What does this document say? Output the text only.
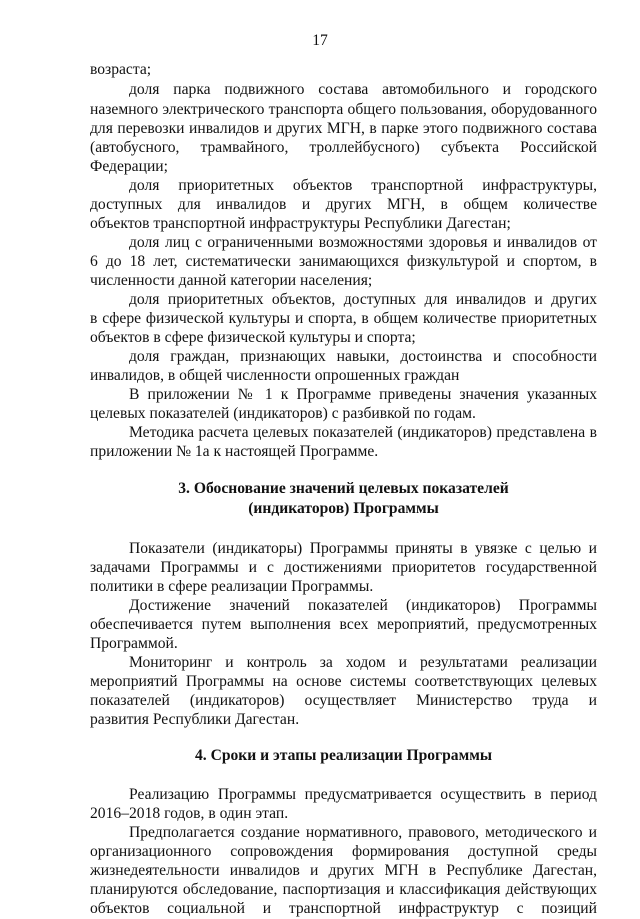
17
возраста;
доля парка подвижного состава автомобильного и городского
наземного электрического транспорта общего пользования, оборудованного
для перевозки инвалидов и других МГН, в парке этого подвижного состава
(автобусного, трамвайного, троллейбусного) субъекта Российской
Федерации;
доля приоритетных объектов транспортной инфраструктуры,
доступных для инвалидов и других МГН, в общем количестве
объектов транспортной инфраструктуры Республики Дагестан;
доля лиц с ограниченными возможностями здоровья и инвалидов от
6 до 18 лет, систематически занимающихся физкультурой и спортом, в
численности данной категории населения;
доля приоритетных объектов, доступных для инвалидов и других
в сфере физической культуры и спорта, в общем количестве приоритетных
объектов в сфере физической культуры и спорта;
доля граждан, признающих навыки, достоинства и способности
инвалидов, в общей численности опрошенных граждан
В приложении № 1 к Программе приведены значения указанных
целевых показателей (индикаторов) с разбивкой по годам.
Методика расчета целевых показателей (индикаторов) представлена в
приложении № 1а к настоящей Программе.
3. Обоснование значений целевых показателей
(индикаторов) Программы
Показатели (индикаторы) Программы приняты в увязке с целью и
задачами Программы и с достижениями приоритетов государственной
политики в сфере реализации Программы.
Достижение значений показателей (индикаторов) Программы
обеспечивается путем выполнения всех мероприятий, предусмотренных
Программой.
Мониторинг и контроль за ходом и результатами реализации
мероприятий Программы на основе системы соответствующих целевых
показателей (индикаторов) осуществляет Министерство труда и
развития Республики Дагестан.
4. Сроки и этапы реализации Программы
Реализацию Программы предусматривается осуществить в период
2016–2018 годов, в один этап.
Предполагается создание нормативного, правового, методического и
организационного сопровождения формирования доступной среды
жизнедеятельности инвалидов и других МГН в Республике Дагестан,
планируются обследование, паспортизация и классификация действующих
объектов социальной и транспортной инфраструктур с позиций
